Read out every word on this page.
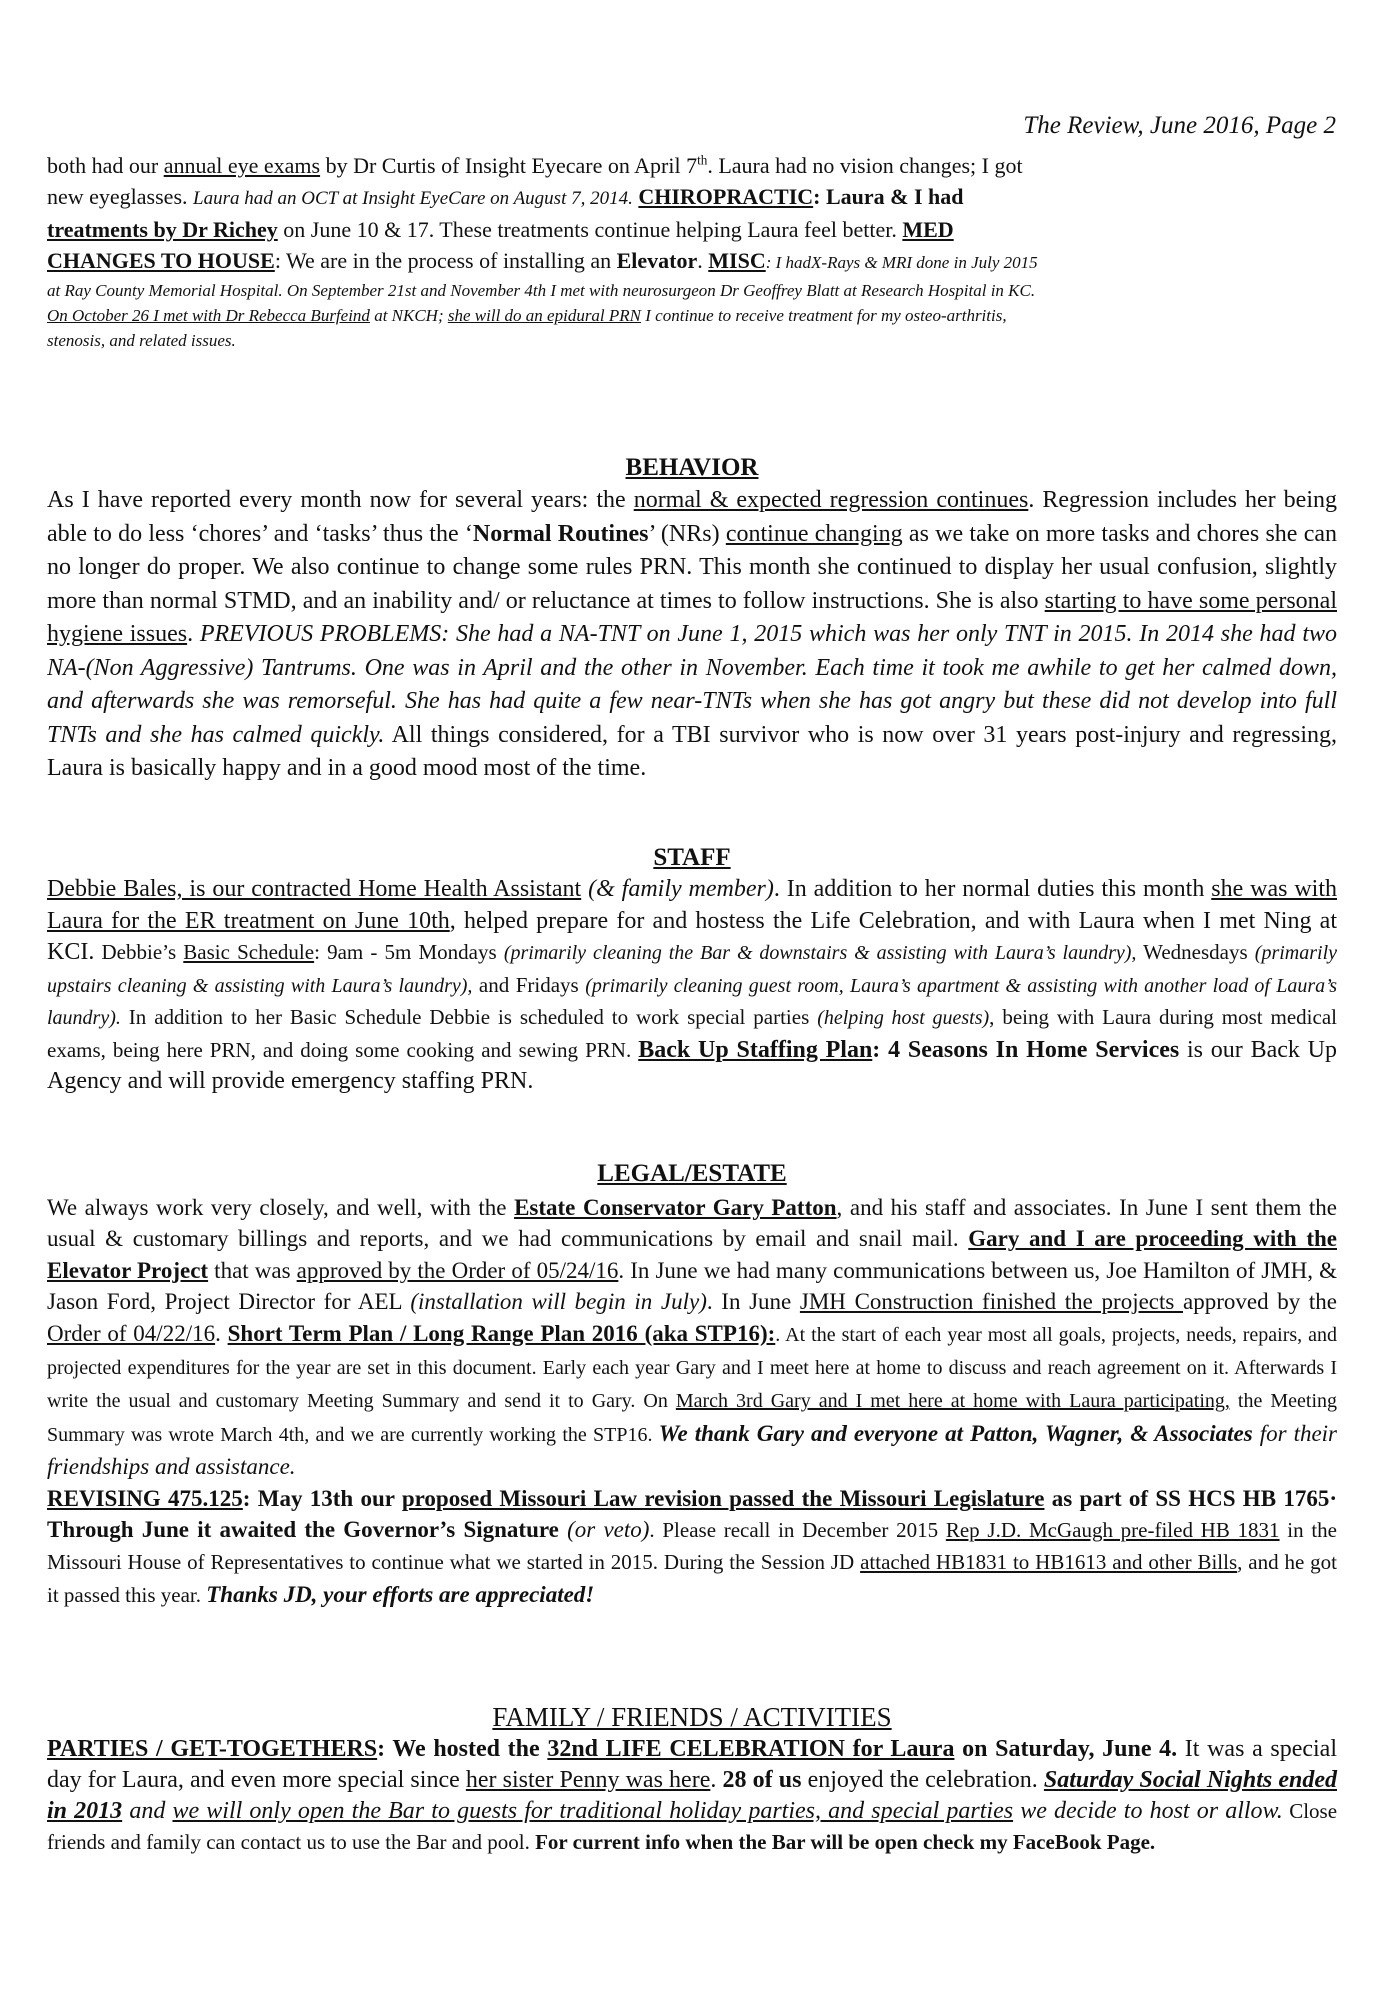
The Review, June 2016, Page 2

both had our annual eye exams by Dr Curtis of Insight Eyecare on April 7th. Laura had no vision changes; I got

new eyeglasses. Laura had an OCT at Insight EyeCare on August 7, 2014. CHIROPRACTIC: Laura & I had

treatments by Dr Richey on June 10 & 17. These treatments continue helping Laura feel better. MED

CHANGES TO HOUSE: We are in the process of installing an Elevator. MISC: I hadX-Rays & MRI done in July 2015

at Ray County Memorial Hospital. On September 21st and November 4th I met with neurosurgeon Dr Geoffrey Blatt at Research Hospital in KC.

On October 26 I met with Dr Rebecca Burfeind at NKCH; she will do an epidural PRN I continue to receive treatment for my osteo-arthritis,

stenosis, and related issues.

BEHAVIOR

As I have reported every month now for several years: the normal & expected regression continues. Regression includes her being able to do less ‘chores’ and ‘tasks’ thus the ‘Normal Routines’ (NRs) continue changing as we take on more tasks and chores she can no longer do proper. We also continue to change some rules PRN. This month she continued to display her usual confusion, slightly more than normal STMD, and an inability and/ or reluctance at times to follow instructions. She is also starting to have some personal hygiene issues. PREVIOUS PROBLEMS: She had a NA-TNT on June 1, 2015 which was her only TNT in 2015. In 2014 she had two NA-(Non Aggressive) Tantrums. One was in April and the other in November. Each time it took me awhile to get her calmed down, and afterwards she was remorseful. She has had quite a few near-TNTs when she has got angry but these did not develop into full TNTs and she has calmed quickly. All things considered, for a TBI survivor who is now over 31 years post-injury and regressing, Laura is basically happy and in a good mood most of the time.

STAFF

Debbie Bales, is our contracted Home Health Assistant (& family member). In addition to her normal duties this month she was with Laura for the ER treatment on June 10th, helped prepare for and hostess the Life Celebration, and with Laura when I met Ning at KCI. Debbie’s Basic Schedule: 9am - 5m Mondays (primarily cleaning the Bar & downstairs & assisting with Laura’s laundry), Wednesdays (primarily upstairs cleaning & assisting with Laura’s laundry), and Fridays (primarily cleaning guest room, Laura’s apartment & assisting with another load of Laura’s laundry). In addition to her Basic Schedule Debbie is scheduled to work special parties (helping host guests), being with Laura during most medical exams, being here PRN, and doing some cooking and sewing PRN. Back Up Staffing Plan: 4 Seasons In Home Services is our Back Up Agency and will provide emergency staffing PRN.

LEGAL/ESTATE

We always work very closely, and well, with the Estate Conservator Gary Patton, and his staff and associates. In June I sent them the usual & customary billings and reports, and we had communications by email and snail mail. Gary and I are proceeding with the Elevator Project that was approved by the Order of 05/24/16. In June we had many communications between us, Joe Hamilton of JMH, & Jason Ford, Project Director for AEL (installation will begin in July). In June JMH Construction finished the projects approved by the Order of 04/22/16. Short Term Plan / Long Range Plan 2016 (aka STP16):. At the start of each year most all goals, projects, needs, repairs, and projected expenditures for the year are set in this document. Early each year Gary and I meet here at home to discuss and reach agreement on it. Afterwards I write the usual and customary Meeting Summary and send it to Gary. On March 3rd Gary and I met here at home with Laura participating, the Meeting Summary was wrote March 4th, and we are currently working the STP16. We thank Gary and everyone at Patton, Wagner, & Associates for their friendships and assistance.
REVISING 475.125: May 13th our proposed Missouri Law revision passed the Missouri Legislature as part of SS HCS HB 1765· Through June it awaited the Governor’s Signature (or veto). Please recall in December 2015 Rep J.D. McGaugh pre-filed HB 1831 in the Missouri House of Representatives to continue what we started in 2015. During the Session JD attached HB1831 to HB1613 and other Bills, and he got it passed this year. Thanks JD, your efforts are appreciated!

FAMILY / FRIENDS / ACTIVITIES

PARTIES / GET-TOGETHERS: We hosted the 32nd LIFE CELEBRATION for Laura on Saturday, June 4. It was a special day for Laura, and even more special since her sister Penny was here. 28 of us enjoyed the celebration. Saturday Social Nights ended in 2013 and we will only open the Bar to guests for traditional holiday parties, and special parties we decide to host or allow. Close friends and family can contact us to use the Bar and pool. For current info when the Bar will be open check my FaceBook Page.
